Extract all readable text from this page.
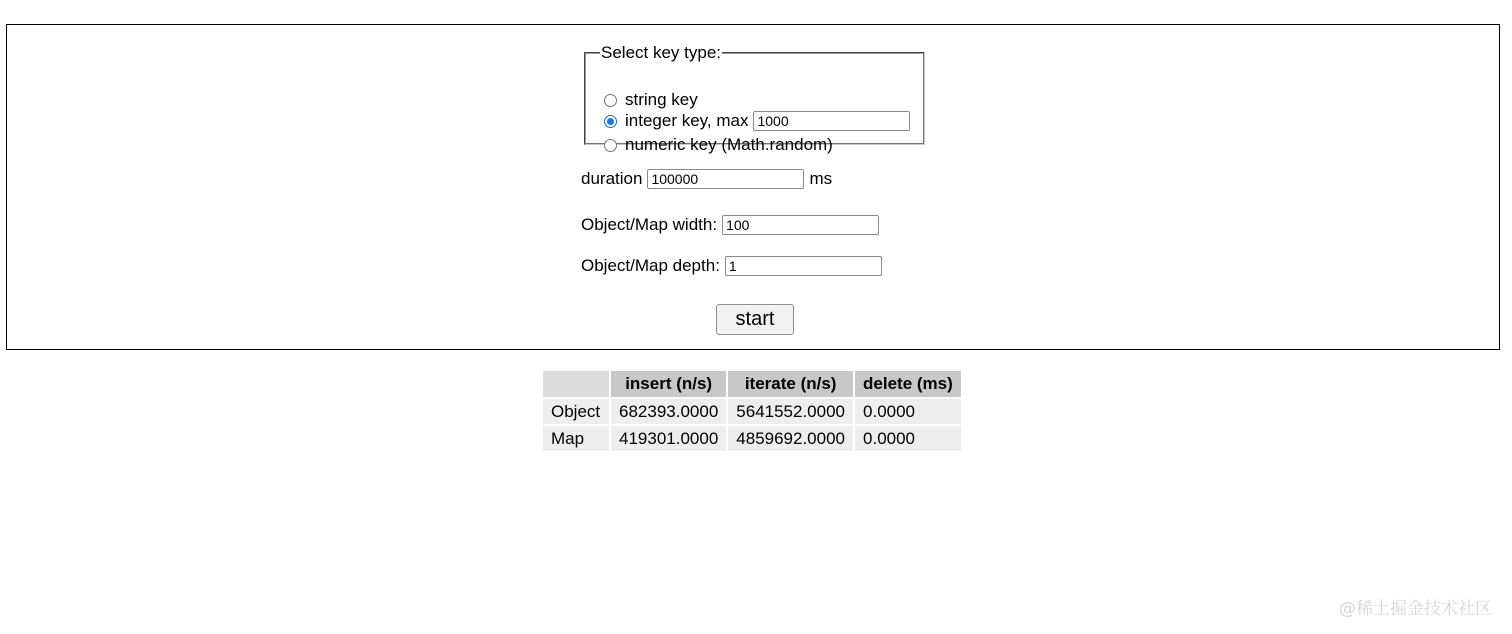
Select key type:
string key
integer key, max
1000
numeric key (Math.random)
duration
100000	ms
Object/Map width:
100
Object/Map depth:
1
start
	insert (n/s)	iterate (n/s)	delete (ms)
Object	682393.0000	5641552.0000	0.0000
Map	419301.0000	4859692.0000	0.0000
@稀土掘金技术社区
